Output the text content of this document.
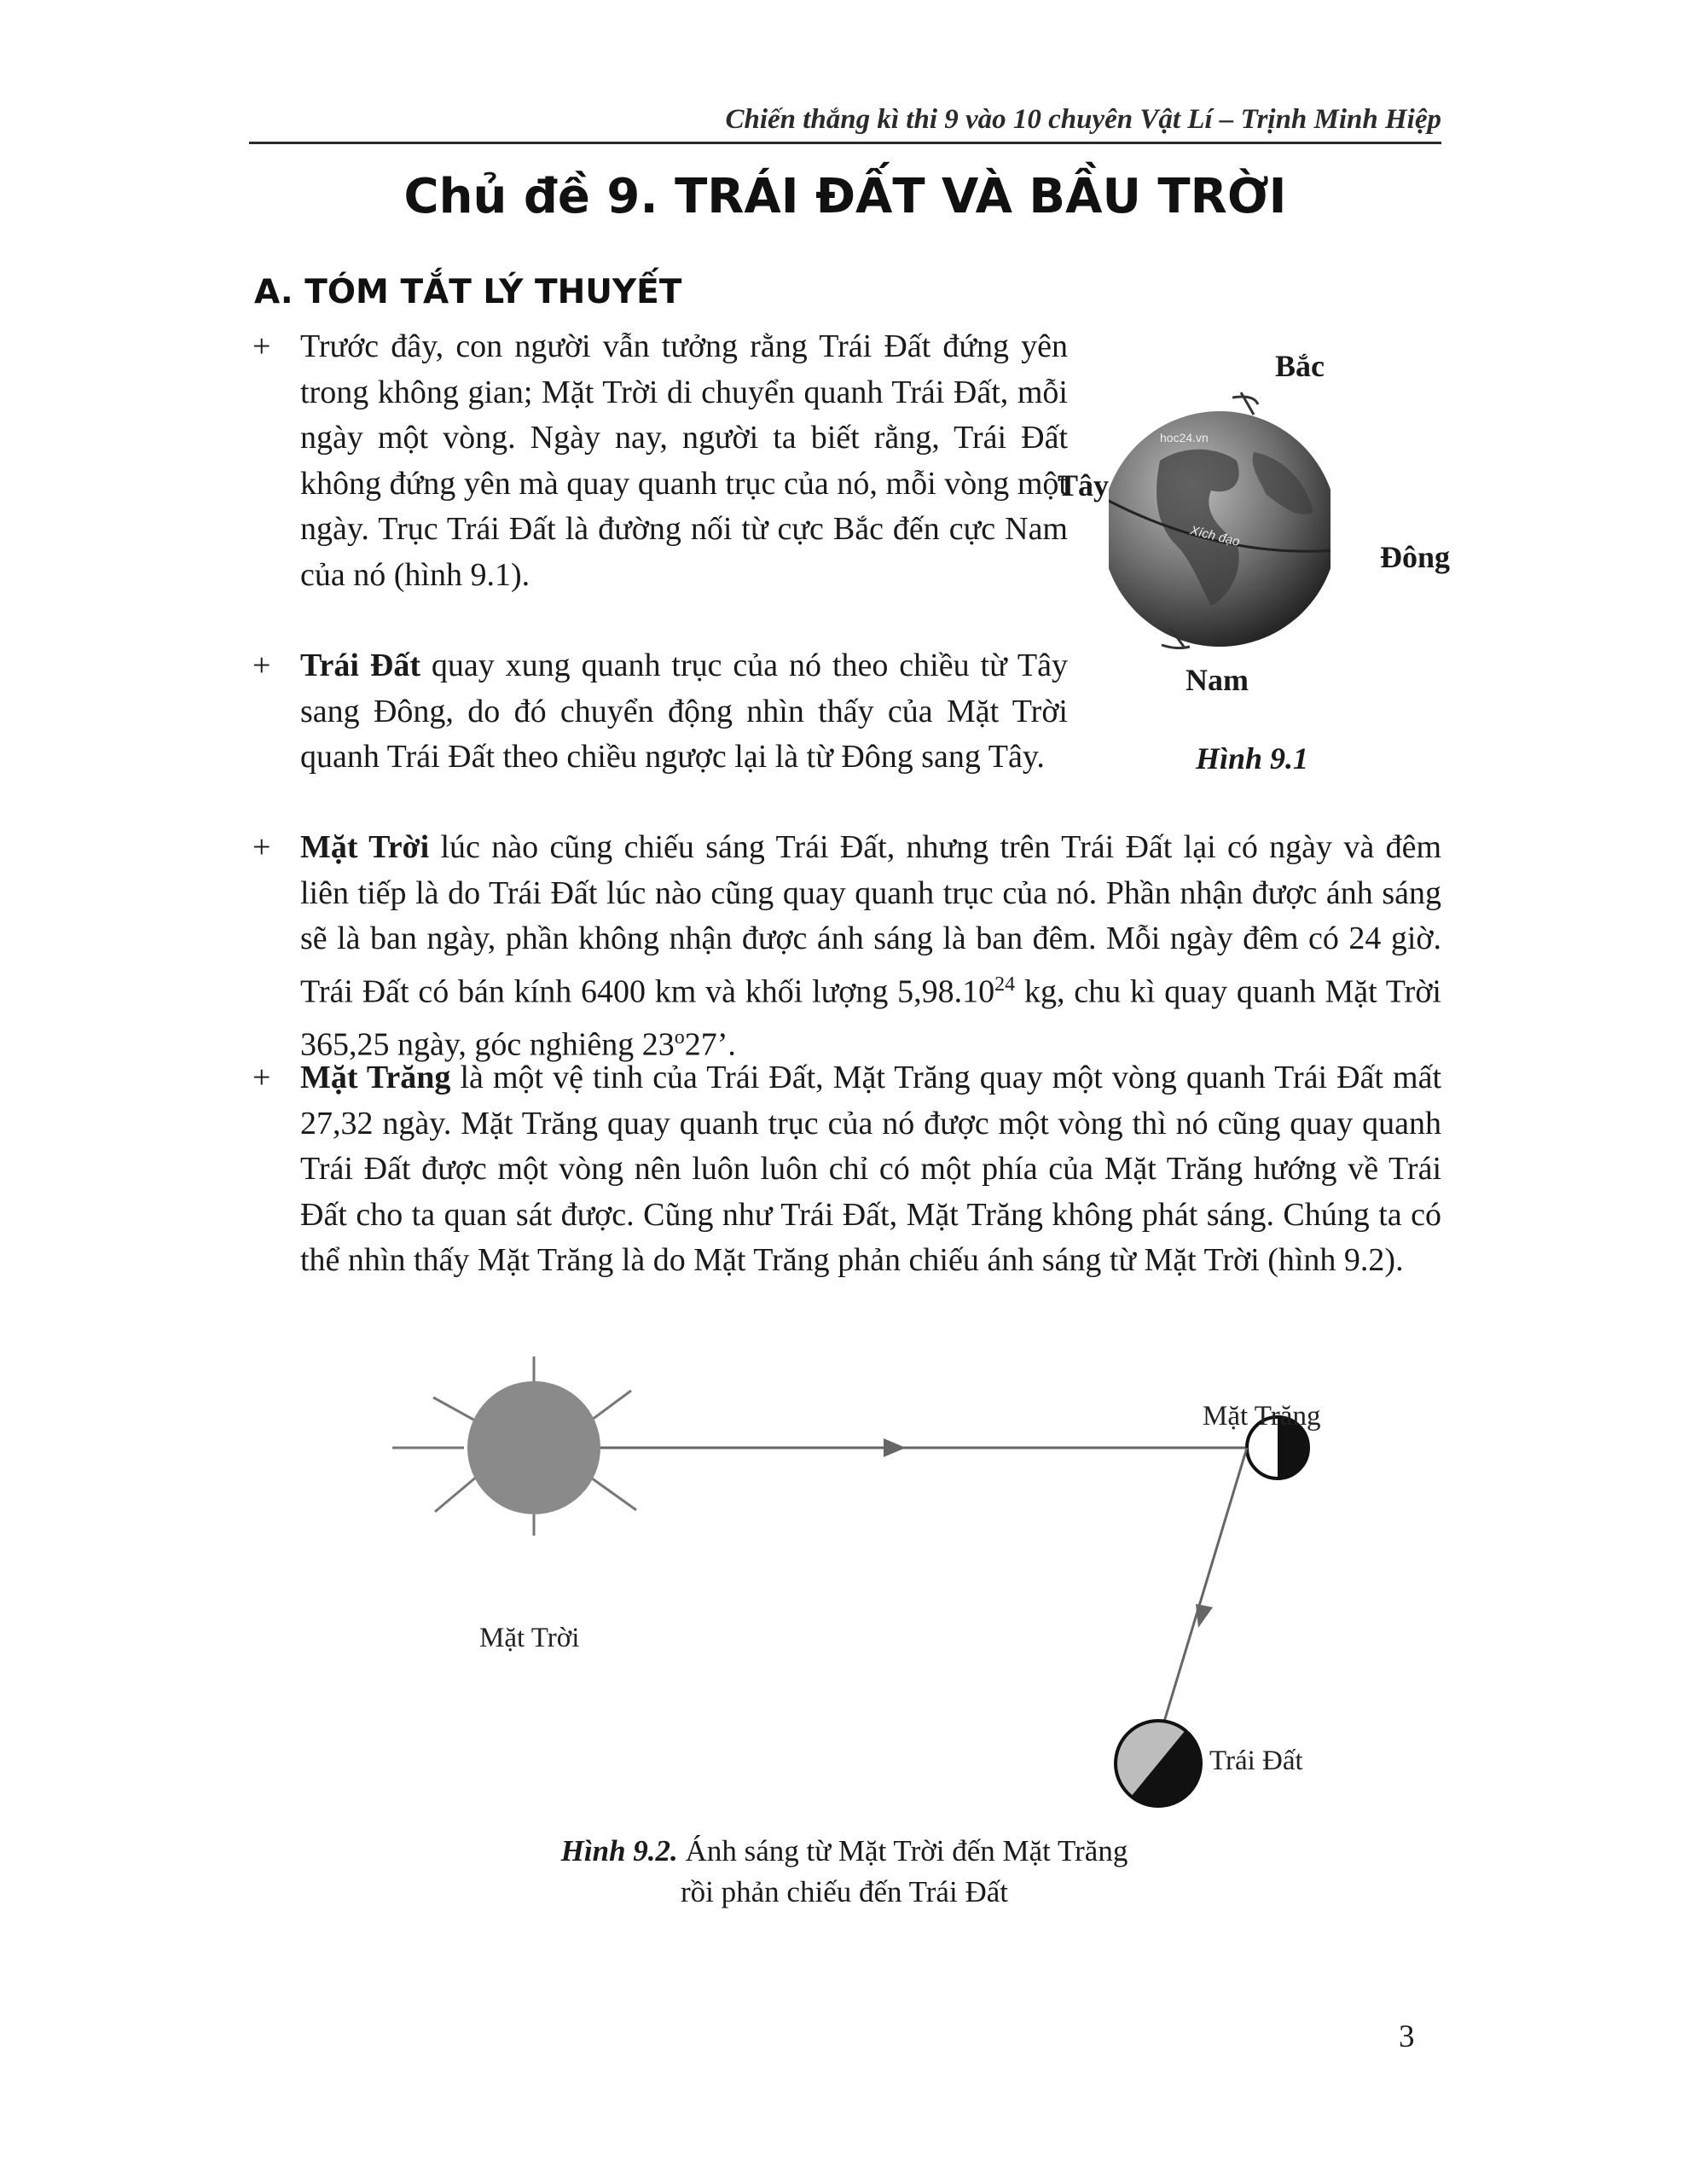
Chiến thắng kì thi 9 vào 10 chuyên Vật Lí – Trịnh Minh Hiệp
Chủ đề 9. TRÁI ĐẤT VÀ BẦU TRỜI
A. TÓM TẮT LÝ THUYẾT
+ Trước đây, con người vẫn tưởng rằng Trái Đất đứng yên trong không gian; Mặt Trời di chuyển quanh Trái Đất, mỗi ngày một vòng. Ngày nay, người ta biết rằng, Trái Đất không đứng yên mà quay quanh trục của nó, mỗi vòng một ngày. Trục Trái Đất là đường nối từ cực Bắc đến cực Nam của nó (hình 9.1).
+ Trái Đất quay xung quanh trục của nó theo chiều từ Tây sang Đông, do đó chuyển động nhìn thấy của Mặt Trời quanh Trái Đất theo chiều ngược lại là từ Đông sang Tây.
+ Mặt Trời lúc nào cũng chiếu sáng Trái Đất, nhưng trên Trái Đất lại có ngày và đêm liên tiếp là do Trái Đất lúc nào cũng quay quanh trục của nó. Phần nhận được ánh sáng sẽ là ban ngày, phần không nhận được ánh sáng là ban đêm. Mỗi ngày đêm có 24 giờ. Trái Đất có bán kính 6400 km và khối lượng 5,98.10$^{24}$ kg, chu kì quay quanh Mặt Trời 365,25 ngày, góc nghiêng $23^o27$’.
+ Mặt Trăng là một vệ tinh của Trái Đất, Mặt Trăng quay một vòng quanh Trái Đất mất 27,32 ngày. Mặt Trăng quay quanh trục của nó được một vòng thì nó cũng quay quanh Trái Đất được một vòng nên luôn luôn chỉ có một phía của Mặt Trăng hướng về Trái Đất cho ta quan sát được. Cũng như Trái Đất, Mặt Trăng không phát sáng. Chúng ta có thể nhìn thấy Mặt Trăng là do Mặt Trăng phản chiếu ánh sáng từ Mặt Trời (hình 9.2).
hoc24.vn
Xích đạo
Bắc
Tây
Đông
Nam
Hình 9.1
Mặt Trời
Mặt Trăng
Trái Đất
Hình 9.2. Ánh sáng từ Mặt Trời đến Mặt Trăng
rồi phản chiếu đến Trái Đất
3
